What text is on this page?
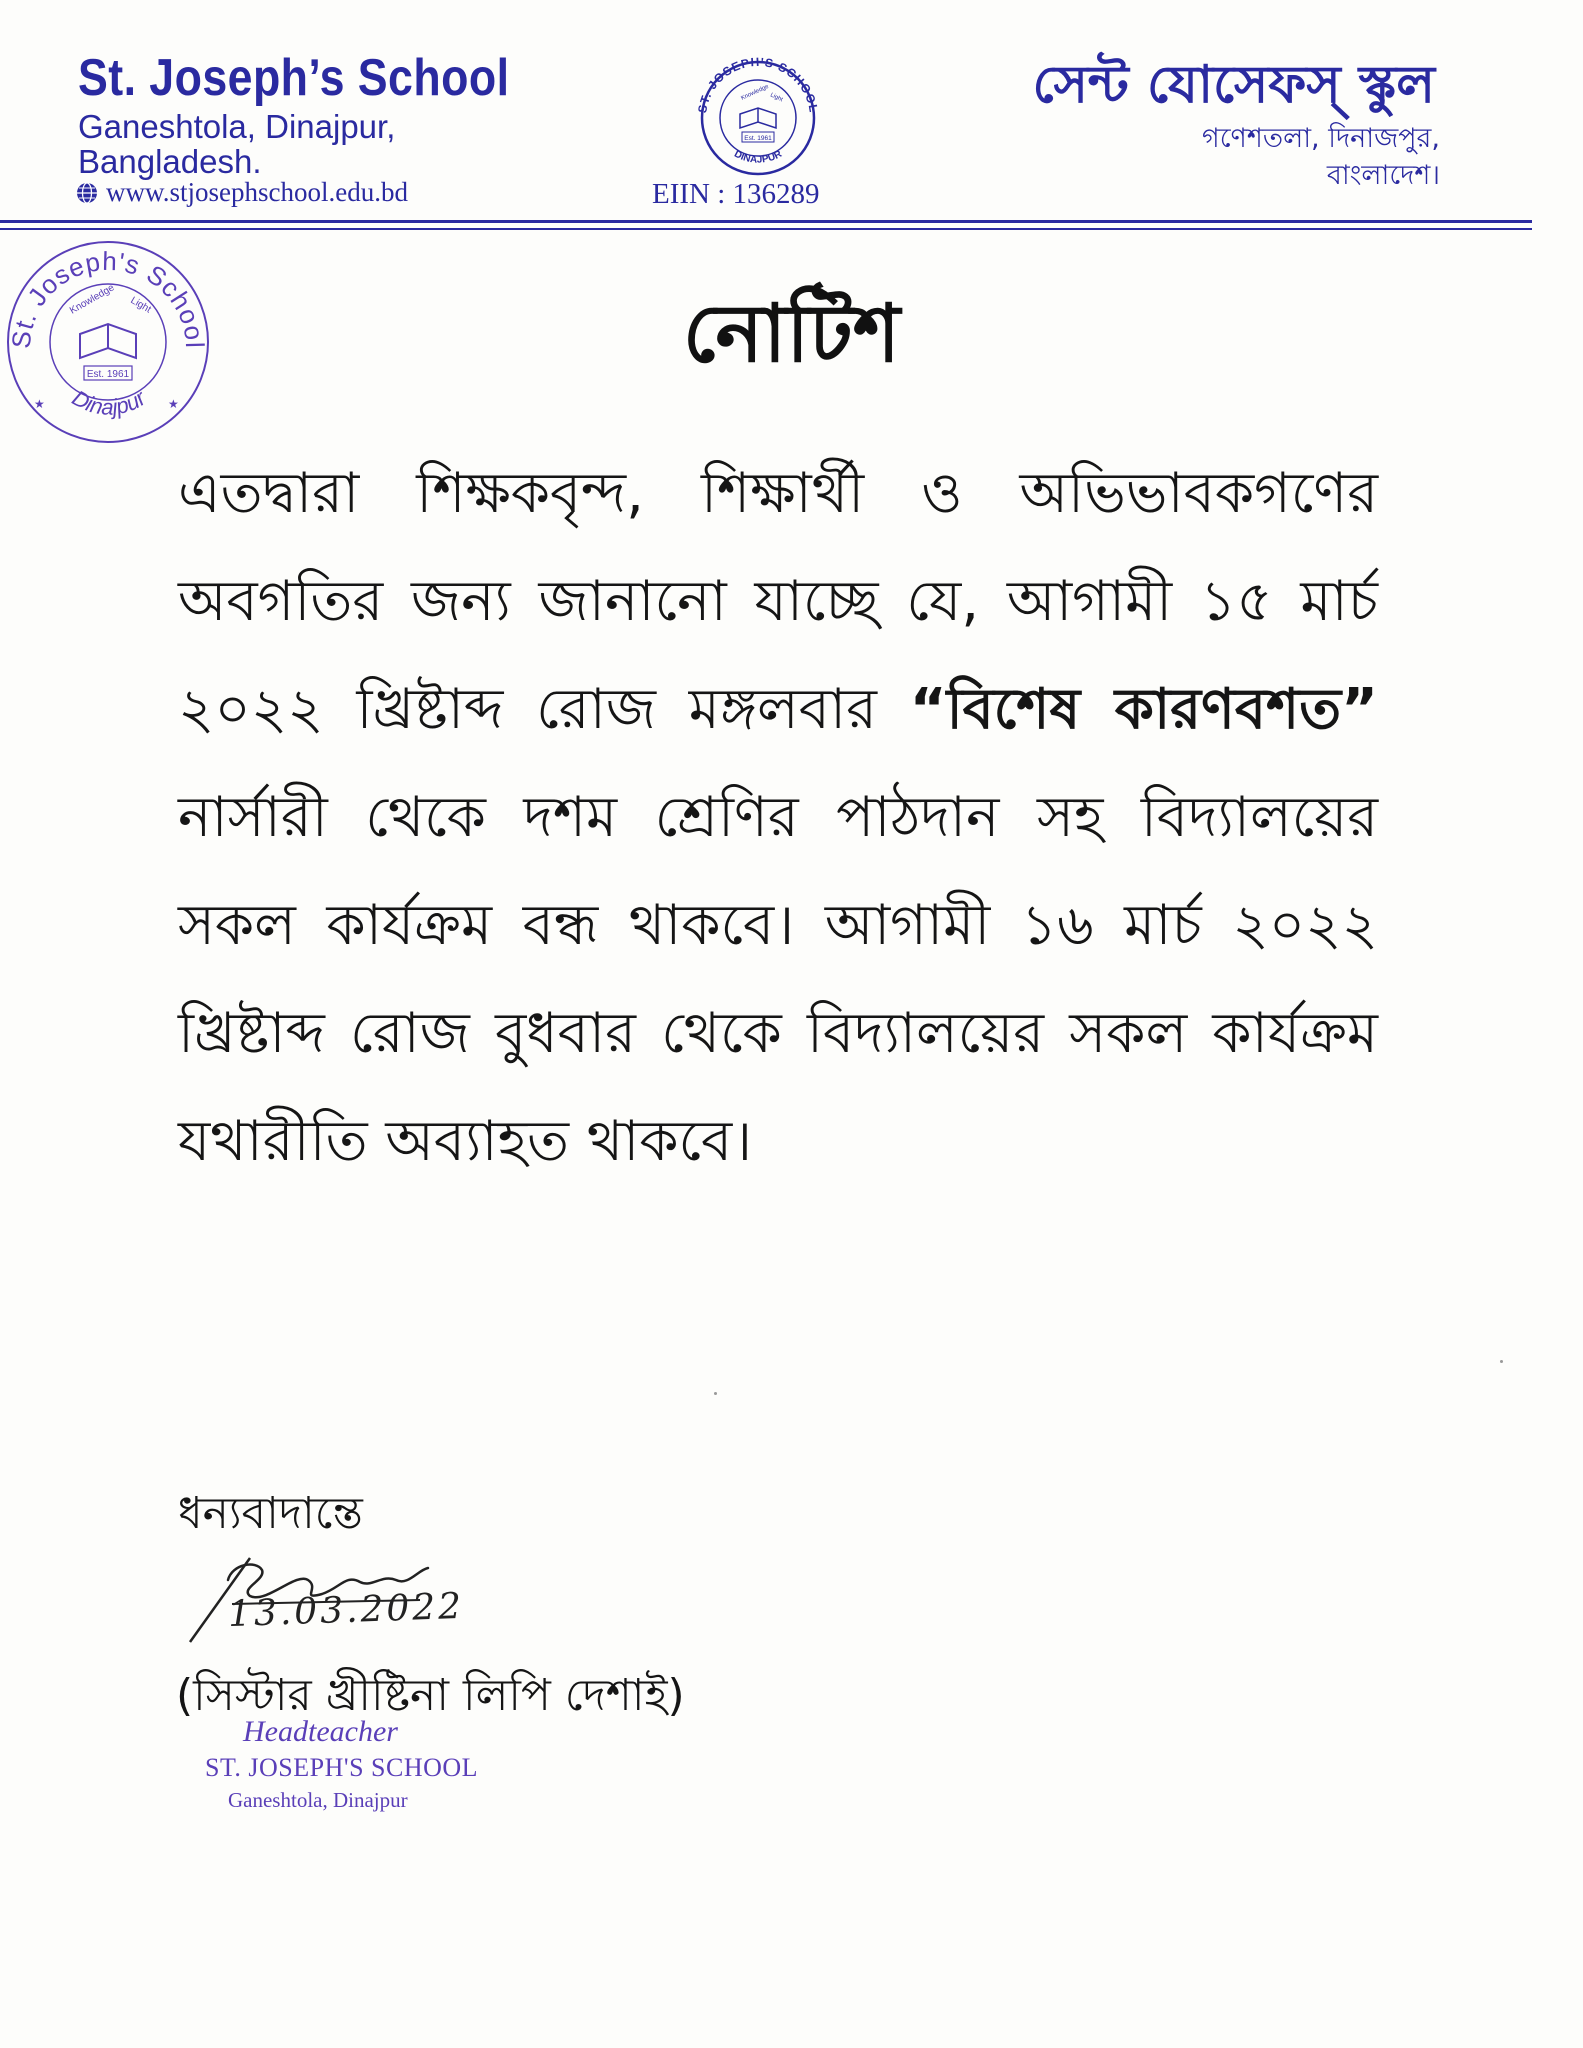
St. Joseph’s School
Ganeshtola, Dinajpur,
Bangladesh.
www.stjosephschool.edu.bd
ST. JOSEPH'S SCHOOL
DINAJPUR
Knowledge Light
Est. 1961
EIIN : 136289
সেন্ট যোসেফস্ স্কুল
গণেশতলা, দিনাজপুর,
বাংলাদেশ।
St. Joseph's School
Dinajpur
Knowledge Light
Est. 1961
★	★
নোটিশ

এতদ্বারা শিক্ষকবৃন্দ, শিক্ষার্থী ও অভিভাবকগণের অবগতির জন্য জানানো যাচ্ছে যে, আগামী ১৫ মার্চ ২০২২ খ্রিষ্টাব্দ রোজ মঙ্গলবার “বিশেষ কারণবশত” নার্সারী থেকে দশম শ্রেণির পাঠদান সহ বিদ্যালয়ের সকল কার্যক্রম বন্ধ থাকবে। আগামী ১৬ মার্চ ২০২২ খ্রিষ্টাব্দ রোজ বুধবার থেকে বিদ্যালয়ের সকল কার্যক্রম যথারীতি অব্যাহত থাকবে।

ধন্যবাদান্তে
13.03.2022
(সিস্টার খ্রীষ্টিনা লিপি দেশাই)
Headteacher
ST. JOSEPH'S SCHOOL
Ganeshtola, Dinajpur
